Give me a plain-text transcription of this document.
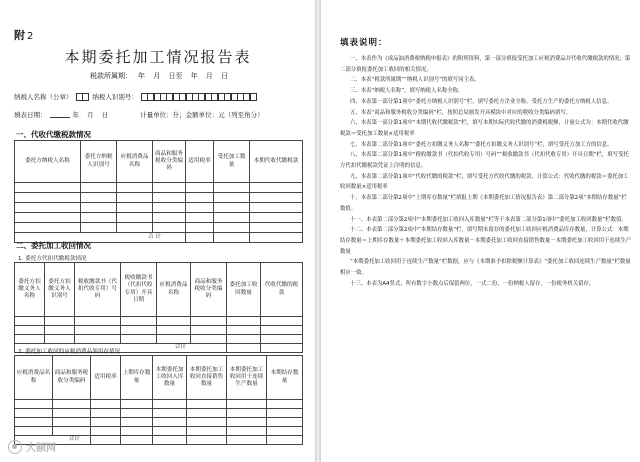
附 2
本期委托加工情况报告表
税款所属期： 年 月 日至 年 月 日
纳税人名称（公章）	纳税人识别号：
填表日期：	年 月 日	计量单位：升；金额单位：元（列至角分）
一、代收代缴税款情况
委托方纳税人名称	委托方纳税人识别号	应税消费品名称	商品和服务税收分类编码	适用税率	受托加工数量	本期代收代缴税款

合 计						
二、委托加工收回情况
1. 委托方代扣代缴税款情况
委托方扣缴义务人名称	委托方扣缴义务人识别号	税收缴款书（代扣代收专用）号码	税收缴款书（代扣代收专用）开具日期	应税消费品名称	商品和服务税收分类编码	委托加工收回数量	代收代缴的税款

合计							
2. 委托加工收回的应税消费品领用存情况
应税消费品名称	商品和服务税收分类编码	适用税率	上期库存数量	本期委托加工收回入库数量	本期委托加工收回直接销售数量	本期委托加工收回用于连续生产数量	本期结存数量

合计							
填表说明：

一、本表作为《成品油消费税纳税申报表》的附列资料，第一部分填报受托加工应税消费品并代收代缴税款的情况；第二部分填报委托加工收回的相关情况。

二、本表“税款所属期”“纳税人识别号”的填写同主表。

三、本表“纳税人名称”，填写纳税人名称全称。

四、本表第一部分第1项中“委托方纳税人识别号”栏，填写委托方企业全称，受托方生产的委托方纳税人信息。

五、本表“商品和服务税收分类编码”栏，按照总局颁发开具模块中对应的税收分类编码填写。

六、本表第一部分第1项中“本期代收代缴税款”栏，填写本期实际代收代缴的消费税税额，计量公式为：本期代收代缴税款＝受托加工数量×适用税率

七、本表第二部分第1项中“委托方扣缴义务人名称”“委托方扣缴义务人识别号”栏，填写受托方加工方的信息。

八、本表第二部分第1项中“税收缴款书（代扣代收专用）号码”“税收缴款书（代扣代收专用）开具日期”栏，填写受托方代扣代缴税款凭证上注明的信息。

九、本表第二部分第1项中“代收代缴的税款”栏，填写受托方代收代缴的税款，计算公式：代收代缴的税款＝委托加工收回数量×适用税率

十、本表第二部分第2项中“上期库存数量”栏填报上期《本期委托加工情况报告表》第二部分第2项“本期结存数量”栏数值。

十一、本表第二部分第2项中“本期委托加工收回入库数量”栏等于本表第二部分第1项中“委托加工收回数量”栏数值。

十二、本表第二部分第2项中“本期结存数量”栏，填写期末留存的委托加工收回应税消费品库存数量，计算公式：本期结存数量＝上期库存数量＋本期委托加工收回入库数量－本期委托加工收回直接销售数量－本期委托加工收回用于连续生产数量

“本期委托加工收回用于连续生产数量”栏数据，应与《本期准予扣除税额计算表》“委托加工收回连续生产数量”栏数量相应一致。

十三、本表为A4竖式，所有数字小数点后保留两位，一式二份，一份纳税人留存，一份税务机关留存。

大额网
